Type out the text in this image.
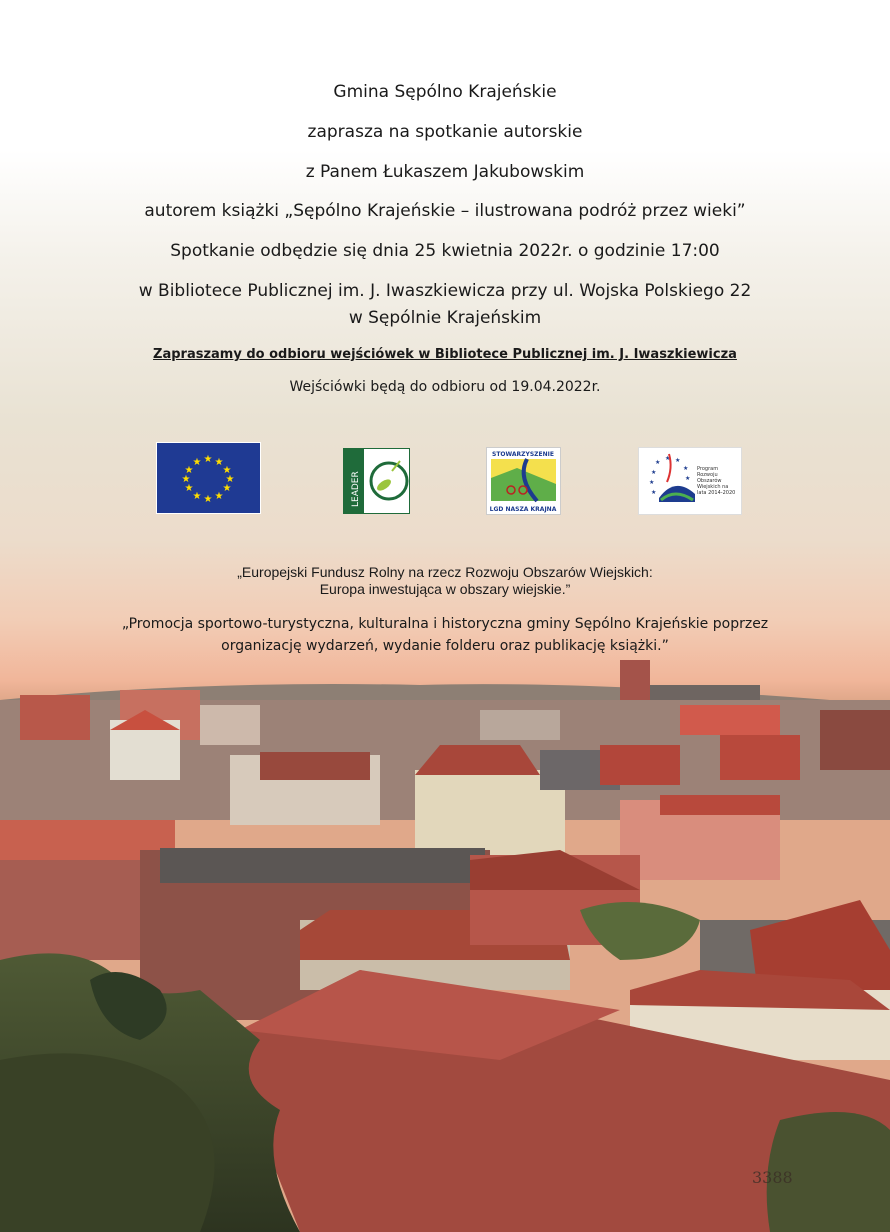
Gmina Sępólno Krajeńskie
zaprasza na spotkanie autorskie
z Panem Łukaszem Jakubowskim
autorem książki „Sępólno Krajeńskie – ilustrowana podróż przez wieki”
Spotkanie odbędzie się dnia 25 kwietnia 2022r. o godzinie 17:00
w Bibliotece Publicznej im. J. Iwaszkiewicza przy ul. Wojska Polskiego 22
w Sępólnie Krajeńskim
Zapraszamy do odbioru wejściówek w Bibliotece Publicznej im. J. Iwaszkiewicza
Wejściówki będą do odbioru od 19.04.2022r.
★ ★
★
★
★
★
★
★
★
★
★
★
LEADER
STOWARZYSZENIE
LGD NASZA KRAJNA
★
★ ★
★
★
★
★
★
Program Rozwoju Obszarów Wiejskich na lata 2014-2020
„Europejski Fundusz Rolny na rzecz Rozwoju Obszarów Wiejskich:
Europa inwestująca w obszary wiejskie.”
„Promocja sportowo-turystyczna, kulturalna i historyczna gminy Sępólno Krajeńskie poprzez
organizację wydarzeń, wydanie folderu oraz publikację książki.”
3388
